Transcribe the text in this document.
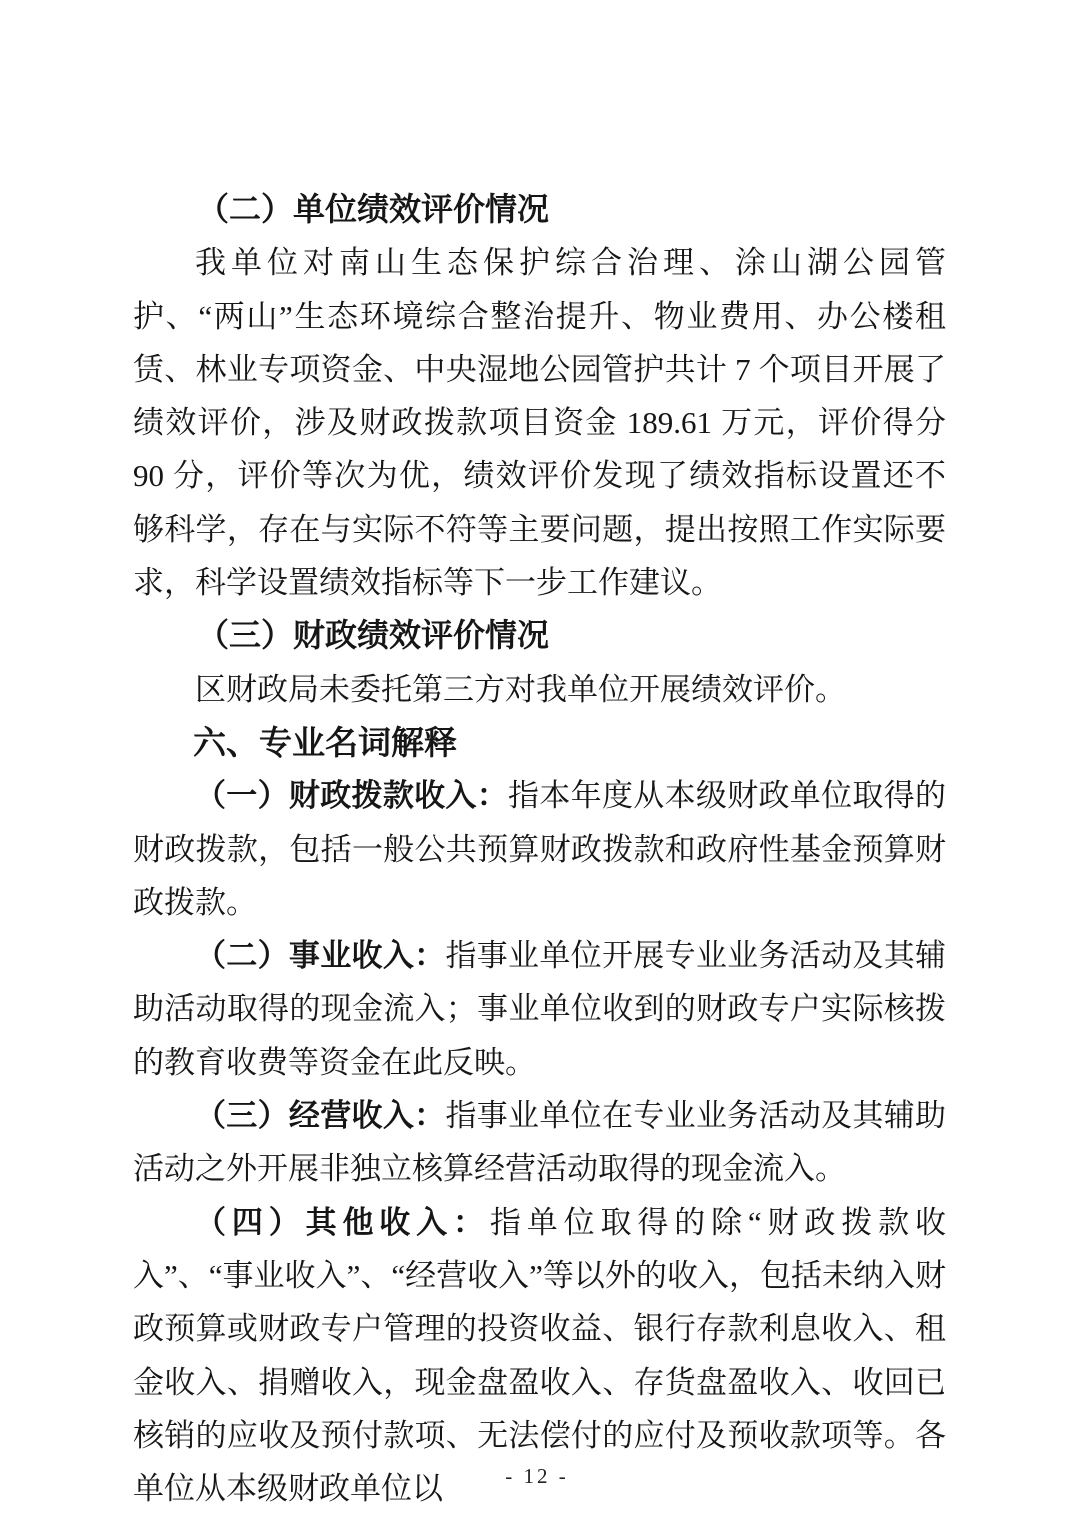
（二）单位绩效评价情况

我单位对南山生态保护综合治理、涂山湖公园管护、“两山”生态环境综合整治提升、物业费用、办公楼租赁、林业专项资金、中央湿地公园管护共计 7 个项目开展了绩效评价，涉及财政拨款项目资金 189.61 万元，评价得分 90 分，评价等次为优，绩效评价发现了绩效指标设置还不够科学，存在与实际不符等主要问题，提出按照工作实际要求，科学设置绩效指标等下一步工作建议。

（三）财政绩效评价情况

区财政局未委托第三方对我单位开展绩效评价。

六、专业名词解释

（一）财政拨款收入：指本年度从本级财政单位取得的财政拨款，包括一般公共预算财政拨款和政府性基金预算财政拨款。

（二）事业收入：指事业单位开展专业业务活动及其辅助活动取得的现金流入；事业单位收到的财政专户实际核拨的教育收费等资金在此反映。

（三）经营收入：指事业单位在专业业务活动及其辅助活动之外开展非独立核算经营活动取得的现金流入。

（四）其他收入：指单位取得的除“财政拨款收入”、“事业收入”、“经营收入”等以外的收入，包括未纳入财政预算或财政专户管理的投资收益、银行存款利息收入、租金收入、捐赠收入，现金盘盈收入、存货盘盈收入、收回已核销的应收及预付款项、无法偿付的应付及预收款项等。各单位从本级财政单位以	- 12 -
